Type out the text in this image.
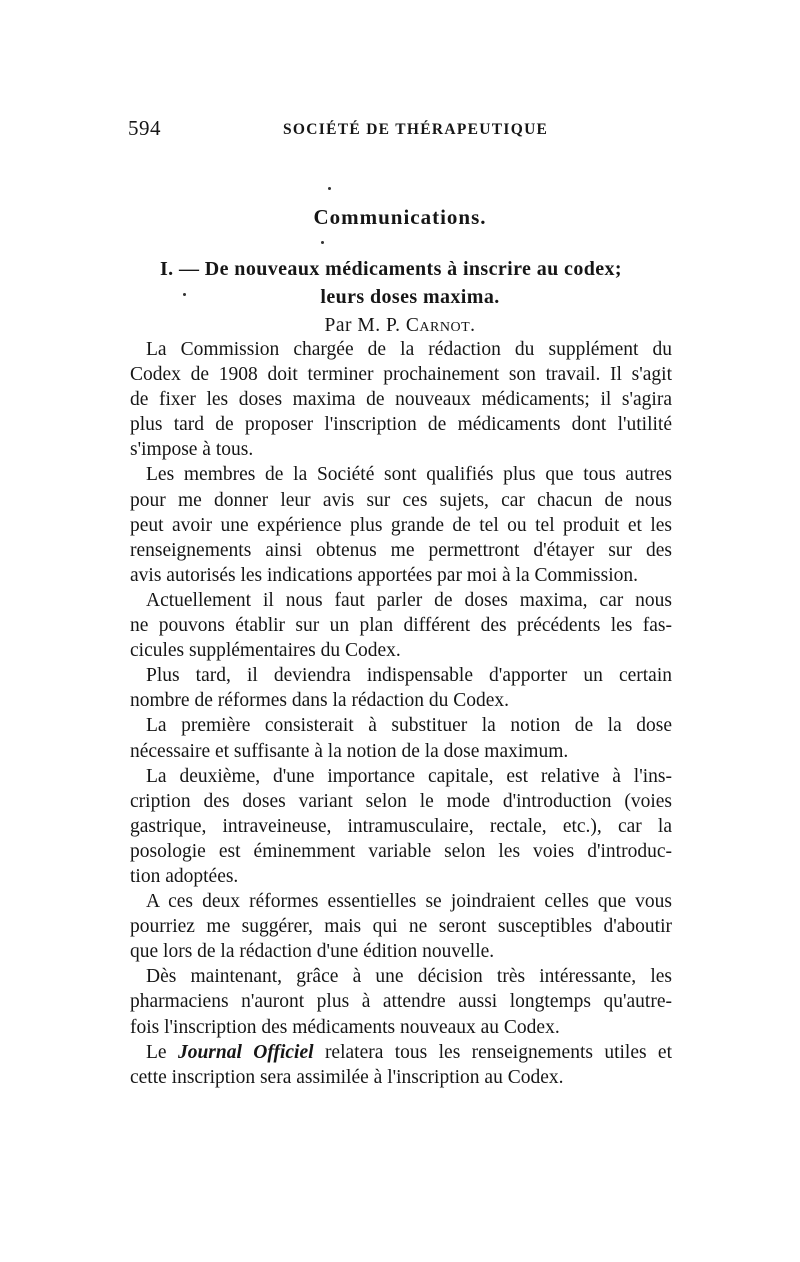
594	SOCIÉTÉ DE THÉRAPEUTIQUE
Communications.
I. — De nouveaux médicaments à inscrire au codex;
leurs doses maxima.
Par M. P. Carnot.
La Commission chargée de la rédaction du supplément du
Codex de 1908 doit terminer prochainement son travail. Il s'agit
de fixer les doses maxima de nouveaux médicaments; il s'agira
plus tard de proposer l'inscription de médicaments dont l'utilité
s'impose à tous.
Les membres de la Société sont qualifiés plus que tous autres
pour me donner leur avis sur ces sujets, car chacun de nous
peut avoir une expérience plus grande de tel ou tel produit et les
renseignements ainsi obtenus me permettront d'étayer sur des
avis autorisés les indications apportées par moi à la Commission.
Actuellement il nous faut parler de doses maxima, car nous
ne pouvons établir sur un plan différent des précédents les fas-
cicules supplémentaires du Codex.
Plus tard, il deviendra indispensable d'apporter un certain
nombre de réformes dans la rédaction du Codex.
La première consisterait à substituer la notion de la dose
nécessaire et suffisante à la notion de la dose maximum.
La deuxième, d'une importance capitale, est relative à l'ins-
cription des doses variant selon le mode d'introduction (voies
gastrique, intraveineuse, intramusculaire, rectale, etc.), car la
posologie est éminemment variable selon les voies d'introduc-
tion adoptées.
A ces deux réformes essentielles se joindraient celles que vous
pourriez me suggérer, mais qui ne seront susceptibles d'aboutir
que lors de la rédaction d'une édition nouvelle.
Dès maintenant, grâce à une décision très intéressante, les
pharmaciens n'auront plus à attendre aussi longtemps qu'autre-
fois l'inscription des médicaments nouveaux au Codex.
Le Journal Officiel relatera tous les renseignements utiles et
cette inscription sera assimilée à l'inscription au Codex.
